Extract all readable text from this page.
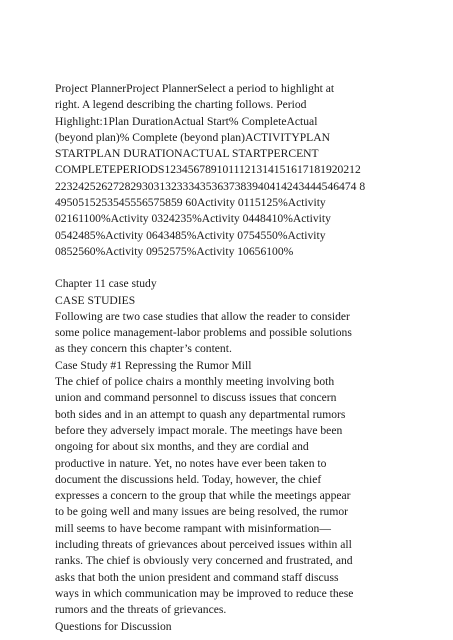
Project PlannerProject PlannerSelect a period to highlight at
right. A legend describing the charting follows. Period
Highlight:1Plan DurationActual Start% CompleteActual
(beyond plan)% Complete (beyond plan)ACTIVITYPLAN
STARTPLAN DURATIONACTUAL STARTPERCENT
COMPLETEPERIODS1234567891011121314151617181920212
2232425262728293031323334353637383940414243444546474 8
4950515253545556575859 60Activity 0115125%Activity
02161100%Activity 0324235%Activity 0448410%Activity
0542485%Activity 0643485%Activity 0754550%Activity
0852560%Activity 0952575%Activity 10656100%
Chapter 11 case study
CASE STUDIES
Following are two case studies that allow the reader to consider
some police management-labor problems and possible solutions
as they concern this chapter’s content.
Case Study #1 Repressing the Rumor Mill
The chief of police chairs a monthly meeting involving both
union and command personnel to discuss issues that concern
both sides and in an attempt to quash any departmental rumors
before they adversely impact morale. The meetings have been
ongoing for about six months, and they are cordial and
productive in nature. Yet, no notes have ever been taken to
document the discussions held. Today, however, the chief
expresses a concern to the group that while the meetings appear
to be going well and many issues are being resolved, the rumor
mill seems to have become rampant with misinformation—
including threats of grievances about perceived issues within all
ranks. The chief is obviously very concerned and frustrated, and
asks that both the union president and command staff discuss
ways in which communication may be improved to reduce these
rumors and the threats of grievances.
Questions for Discussion
